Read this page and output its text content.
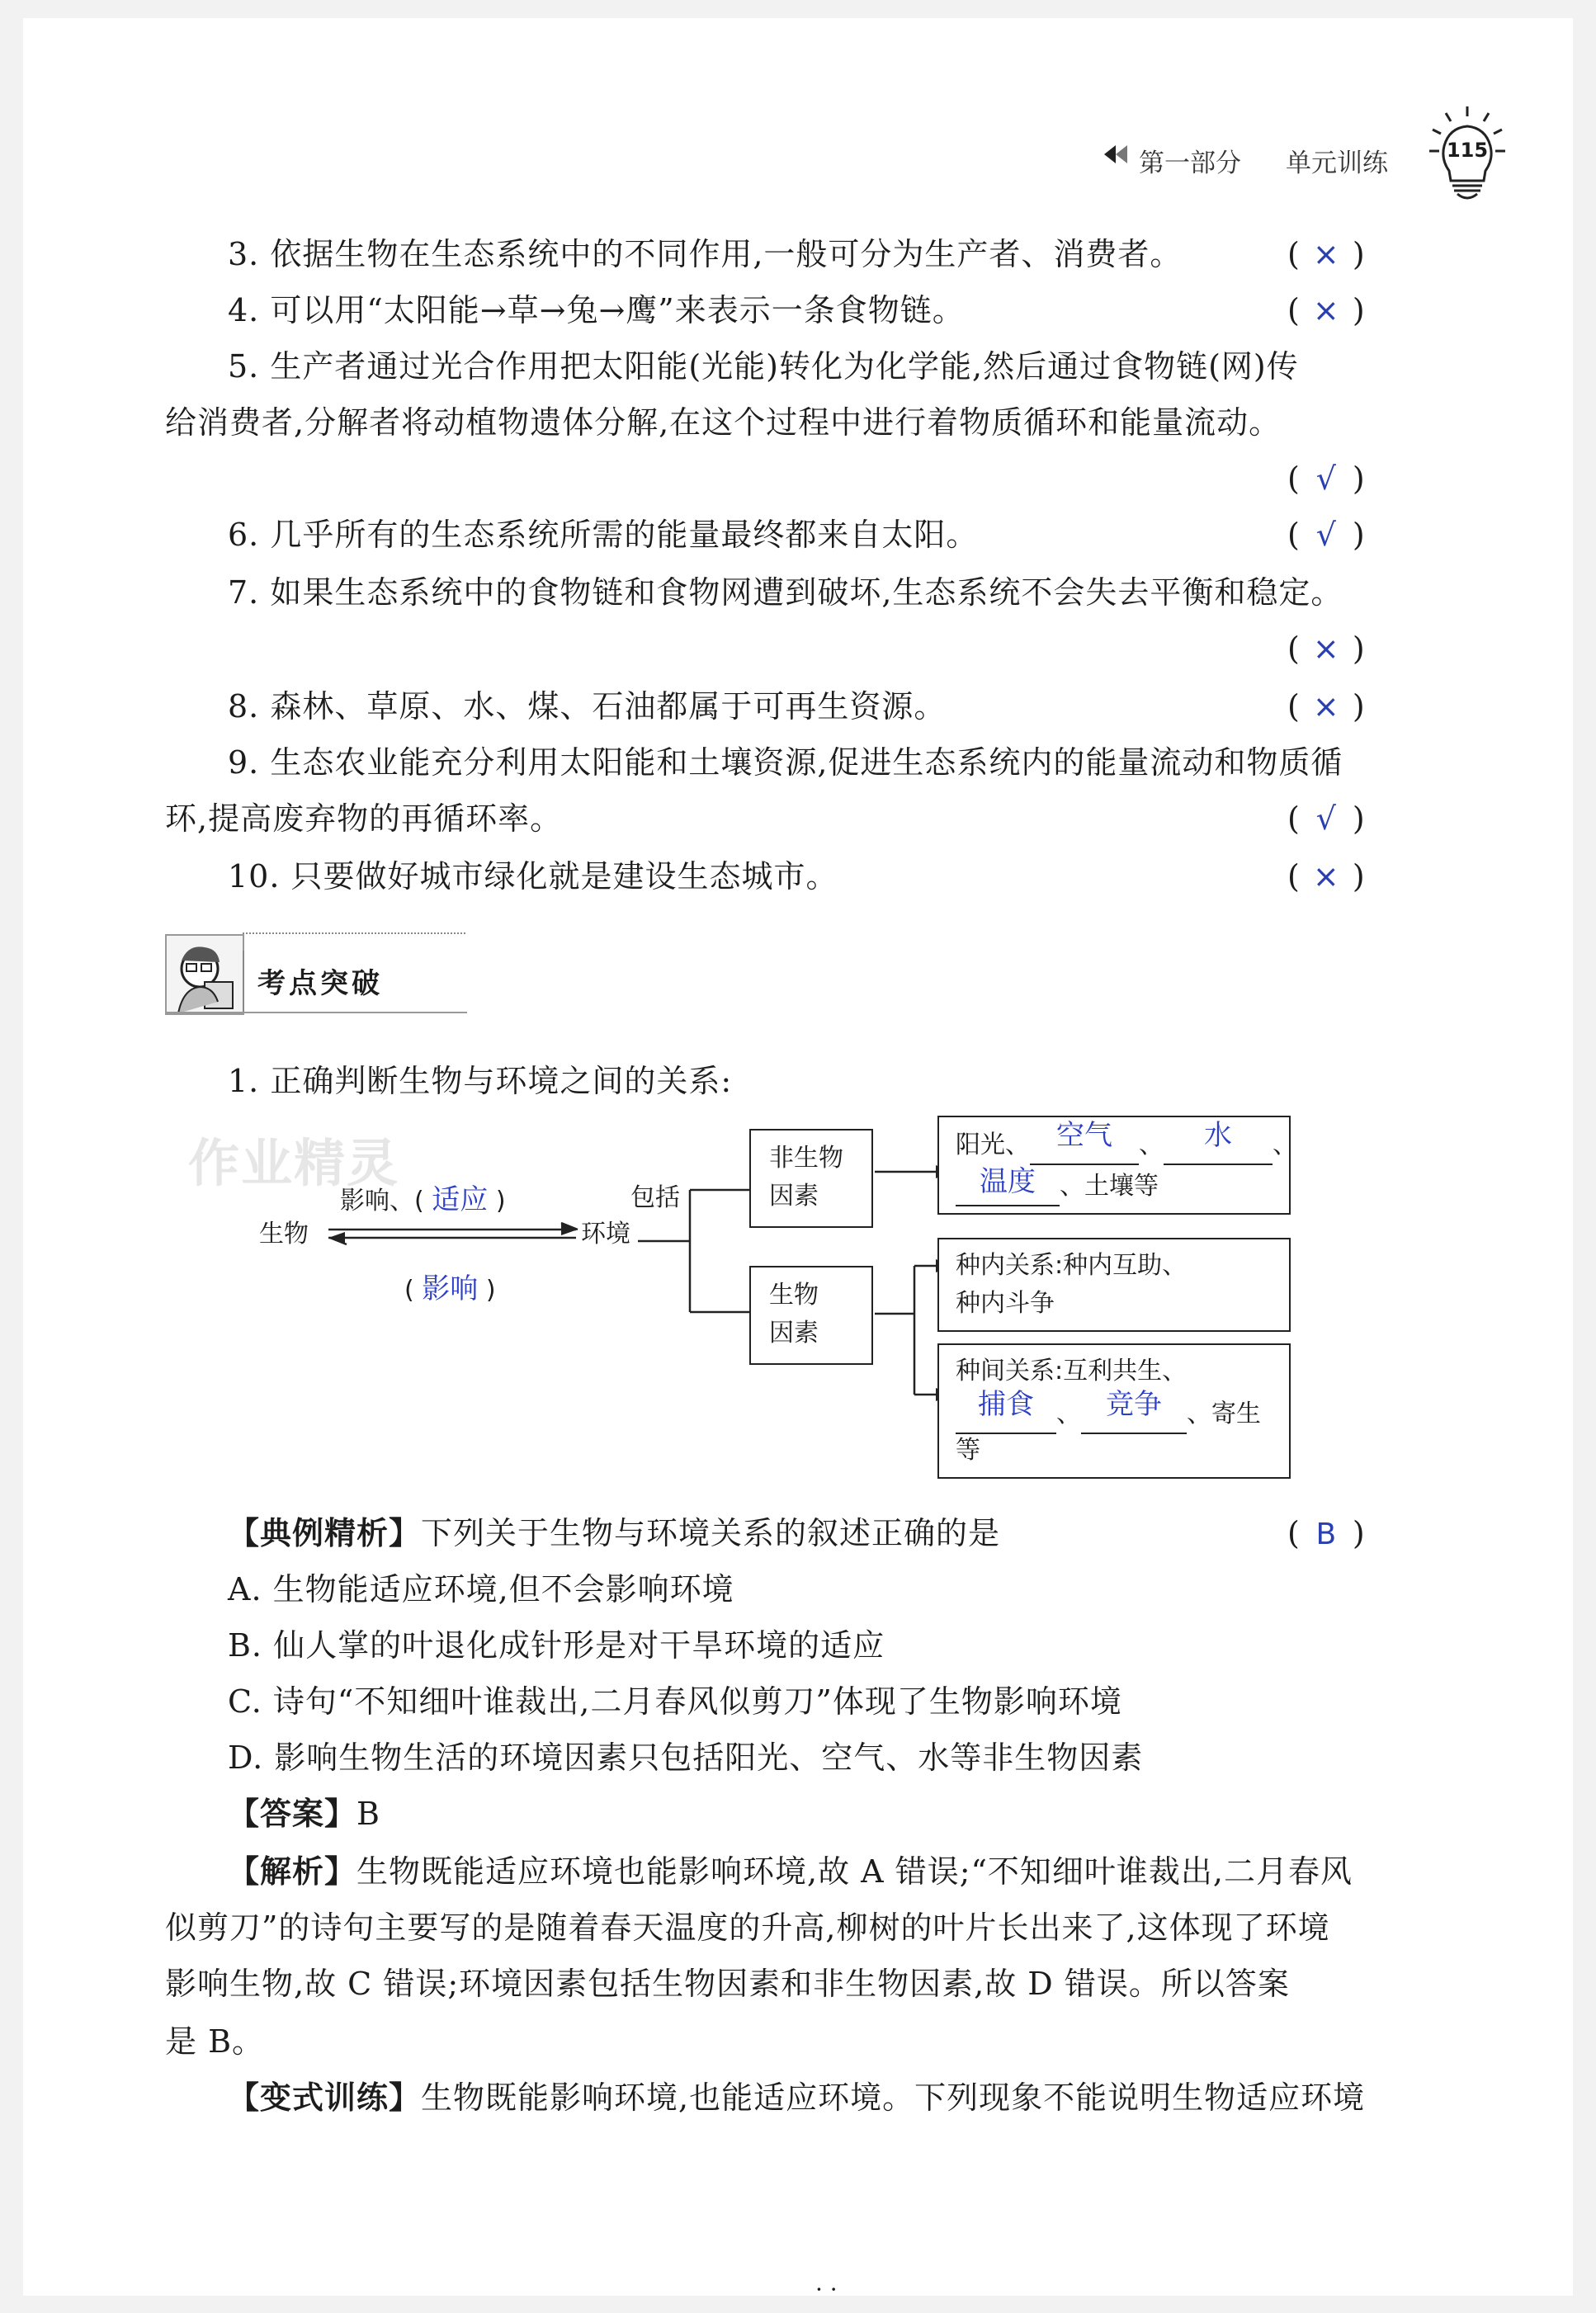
第一部分 单元训练	115
3. 依据生物在生态系统中的不同作用,一般可分为生产者、消费者。	( × )
4. 可以用“太阳能→草→兔→鹰”来表示一条食物链。	( × )
5. 生产者通过光合作用把太阳能(光能)转化为化学能,然后通过食物链(网)传
给消费者,分解者将动植物遗体分解,在这个过程中进行着物质循环和能量流动。
( √ )
6. 几乎所有的生态系统所需的能量最终都来自太阳。	( √ )
7. 如果生态系统中的食物链和食物网遭到破坏,生态系统不会失去平衡和稳定。
( × )
8. 森林、草原、水、煤、石油都属于可再生资源。	( × )
9. 生态农业能充分利用太阳能和土壤资源,促进生态系统内的能量流动和物质循
环,提高废弃物的再循环率。	( √ )
10. 只要做好城市绿化就是建设生态城市。	( × )
考点突破
1. 正确判断生物与环境之间的关系:
作业精灵
生物	环境
影响、( 适应 )
( 影响 )
包括
非生物
因素
生物
因素
阳光、 空气 、 水 、
温度 、土壤等
种内关系:种内互助、
种内斗争
种间关系:互利共生、
捕食 、 竞争 、寄生
等
【典例精析】下列关于生物与环境关系的叙述正确的是	( B )
A. 生物能适应环境,但不会影响环境
B. 仙人掌的叶退化成针形是对干旱环境的适应
C. 诗句“不知细叶谁裁出,二月春风似剪刀”体现了生物影响环境
D. 影响生物生活的环境因素只包括阳光、空气、水等非生物因素
【答案】B
【解析】生物既能适应环境也能影响环境,故 A 错误;“不知细叶谁裁出,二月春风
似剪刀”的诗句主要写的是随着春天温度的升高,柳树的叶片长出来了,这体现了环境
影响生物,故 C 错误;环境因素包括生物因素和非生物因素,故 D 错误。所以答案
是 B。
【变式训练】生物既能影响环境,也能适应环境。下列现象不能说明生物适应环境
· ·
